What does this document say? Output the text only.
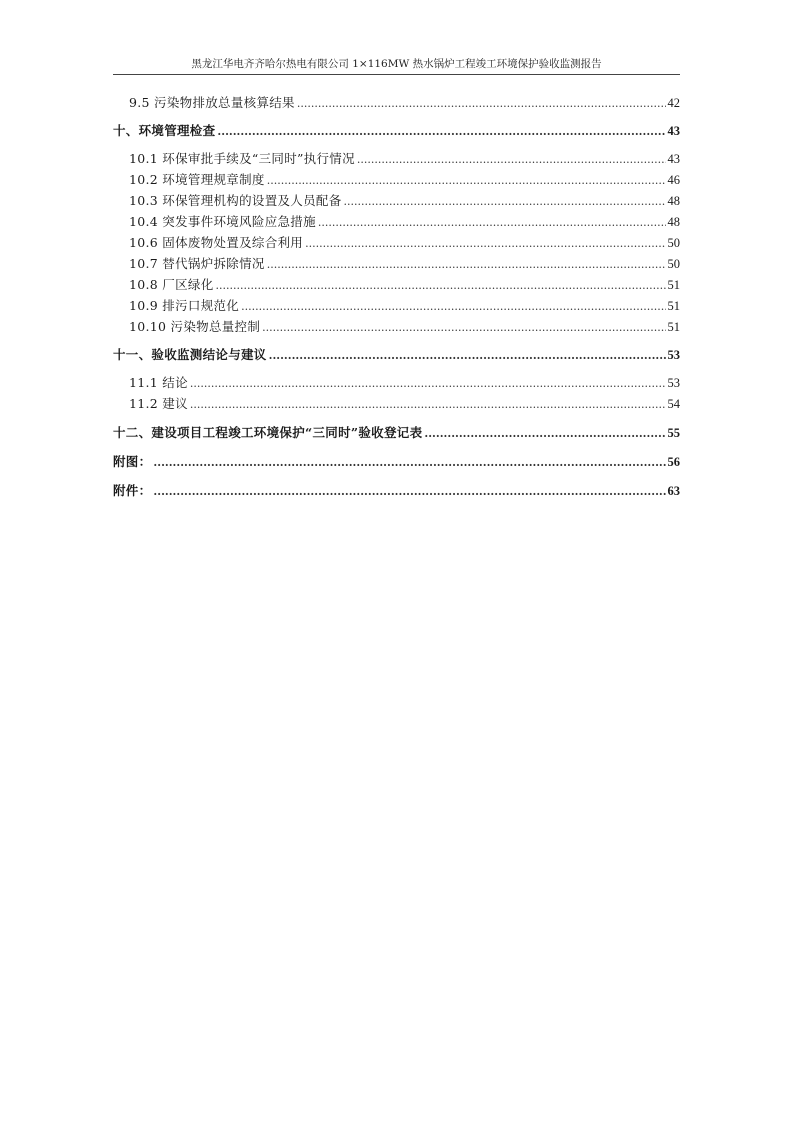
黑龙江华电齐齐哈尔热电有限公司 1×116MW 热水锅炉工程竣工环境保护验收监测报告
9.5 污染物排放总量核算结果 .....	42
十、环境管理检查 .....	43
10.1 环保审批手续及“三同时”执行情况 .....	43
10.2 环境管理规章制度 .....	46
10.3 环保管理机构的设置及人员配备 .....	48
10.4 突发事件环境风险应急措施 .....	48
10.6 固体废物处置及综合利用 .....	50
10.7 替代锅炉拆除情况 .....	50
10.8 厂区绿化 .....	51
10.9 排污口规范化 .....	51
10.10 污染物总量控制 .....	51
十一、验收监测结论与建议 .....	53
11.1 结论 .....	53
11.2 建议 .....	54
十二、建设项目工程竣工环境保护“三同时”验收登记表 .....	55
附图： .....	56
附件： .....	63
